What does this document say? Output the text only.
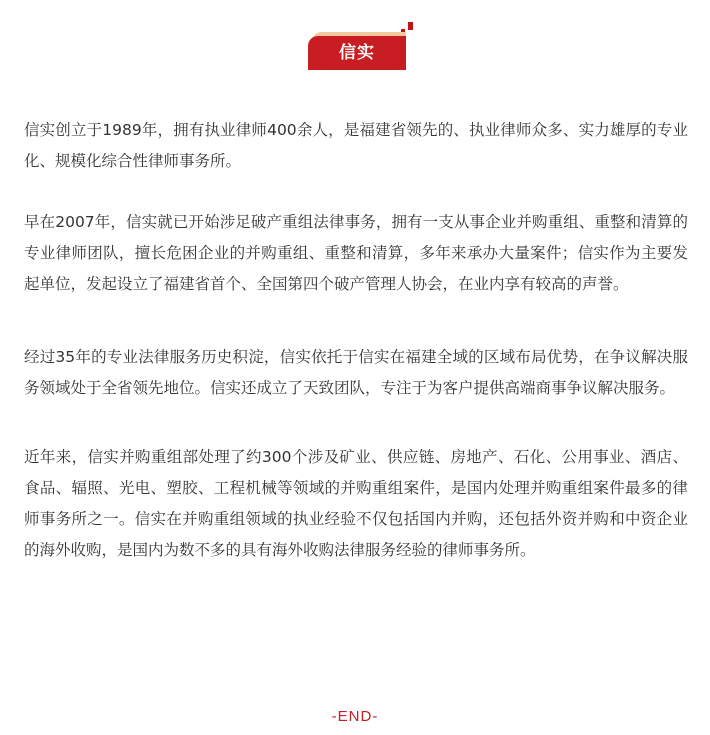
信实

信实创立于1989年，拥有执业律师400余人，是福建省领先的、执业律师众多、实力雄厚的专业化、规模化综合性律师事务所。

早在2007年，信实就已开始涉足破产重组法律事务，拥有一支从事企业并购重组、重整和清算的专业律师团队，擅长危困企业的并购重组、重整和清算，多年来承办大量案件；信实作为主要发起单位，发起设立了福建省首个、全国第四个破产管理人协会，在业内享有较高的声誉。

经过35年的专业法律服务历史积淀，信实依托于信实在福建全域的区域布局优势，在争议解决服务领域处于全省领先地位。信实还成立了天致团队，专注于为客户提供高端商事争议解决服务。

近年来，信实并购重组部处理了约300个涉及矿业、供应链、房地产、石化、公用事业、酒店、食品、辐照、光电、塑胶、工程机械等领域的并购重组案件，是国内处理并购重组案件最多的律师事务所之一。信实在并购重组领域的执业经验不仅包括国内并购，还包括外资并购和中资企业的海外收购，是国内为数不多的具有海外收购法律服务经验的律师事务所。

-END-
